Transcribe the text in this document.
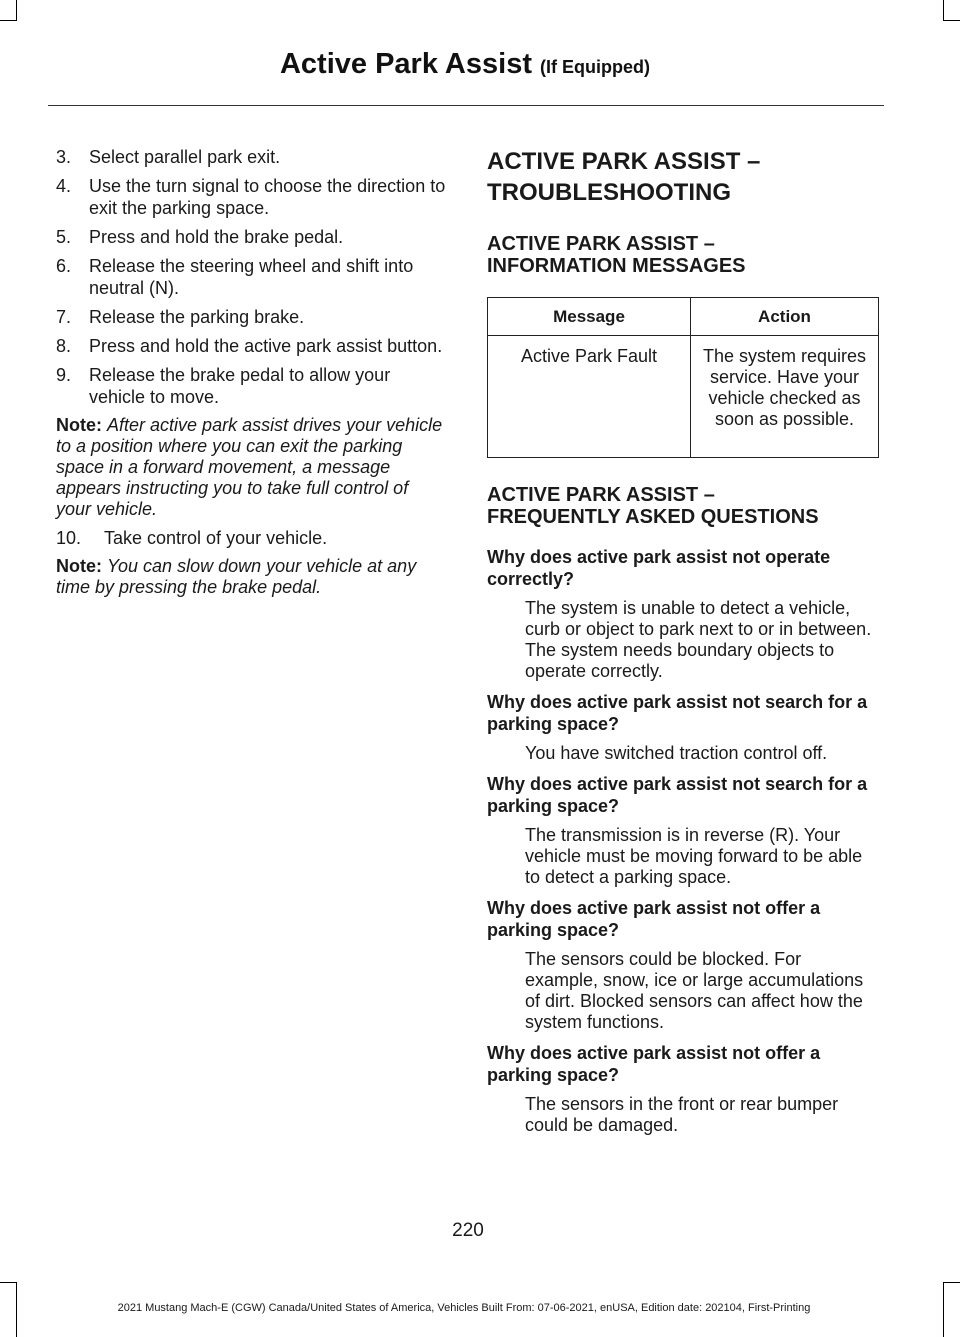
Active Park Assist (If Equipped)
3. Select parallel park exit.
4. Use the turn signal to choose the direction to exit the parking space.
5. Press and hold the brake pedal.
6. Release the steering wheel and shift into neutral (N).
7. Release the parking brake.
8. Press and hold the active park assist button.
9. Release the brake pedal to allow your vehicle to move.

Note: After active park assist drives your vehicle to a position where you can exit the parking space in a forward movement, a message appears instructing you to take full control of your vehicle.

10. Take control of your vehicle.

Note: You can slow down your vehicle at any time by pressing the brake pedal.

ACTIVE PARK ASSIST –

TROUBLESHOOTING

ACTIVE PARK ASSIST –

INFORMATION MESSAGES

Message	Action
Active Park Fault	The system requires service. Have your vehicle checked as soon as possible.

ACTIVE PARK ASSIST –

FREQUENTLY ASKED QUESTIONS

Why does active park assist not operate correctly?

The system is unable to detect a vehicle, curb or object to park next to or in between. The system needs boundary objects to operate correctly.

Why does active park assist not search for a parking space?

You have switched traction control off.

Why does active park assist not search for a parking space?

The transmission is in reverse (R). Your vehicle must be moving forward to be able to detect a parking space.

Why does active park assist not offer a parking space?

The sensors could be blocked. For example, snow, ice or large accumulations of dirt. Blocked sensors can affect how the system functions.

Why does active park assist not offer a parking space?

The sensors in the front or rear bumper could be damaged.

220
2021 Mustang Mach-E (CGW) Canada/United States of America, Vehicles Built From: 07-06-2021, enUSA, Edition date: 202104, First-Printing
